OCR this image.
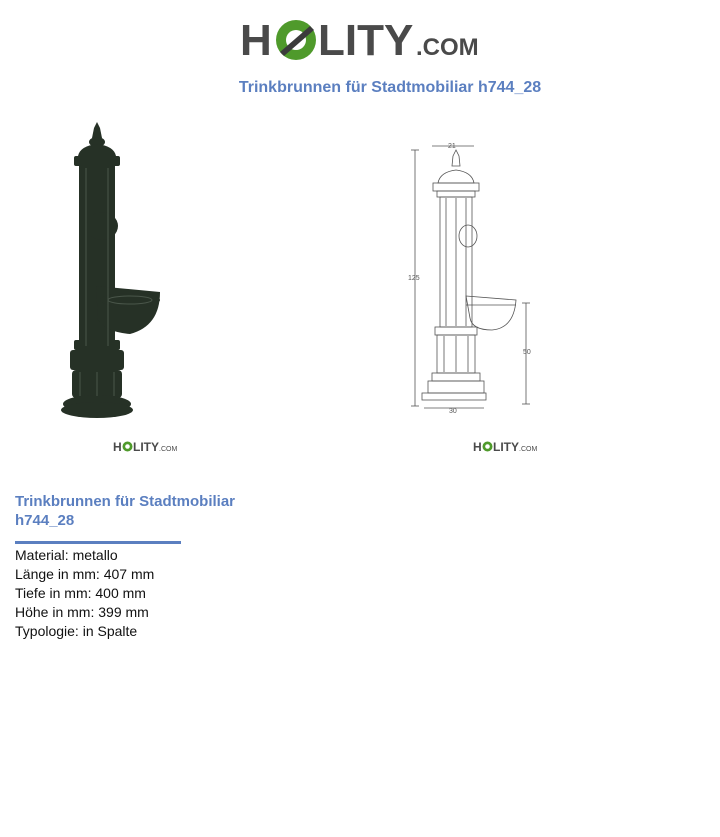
H LITY .COM
Trinkbrunnen für Stadtmobiliar h744_28
21
125
50
30
H LITY .COM	H LITY .COM
Trinkbrunnen für Stadtmobiliar h744_28
Material: metallo
Länge in mm: 407 mm
Tiefe in mm: 400 mm
Höhe in mm: 399 mm
Typologie: in Spalte
